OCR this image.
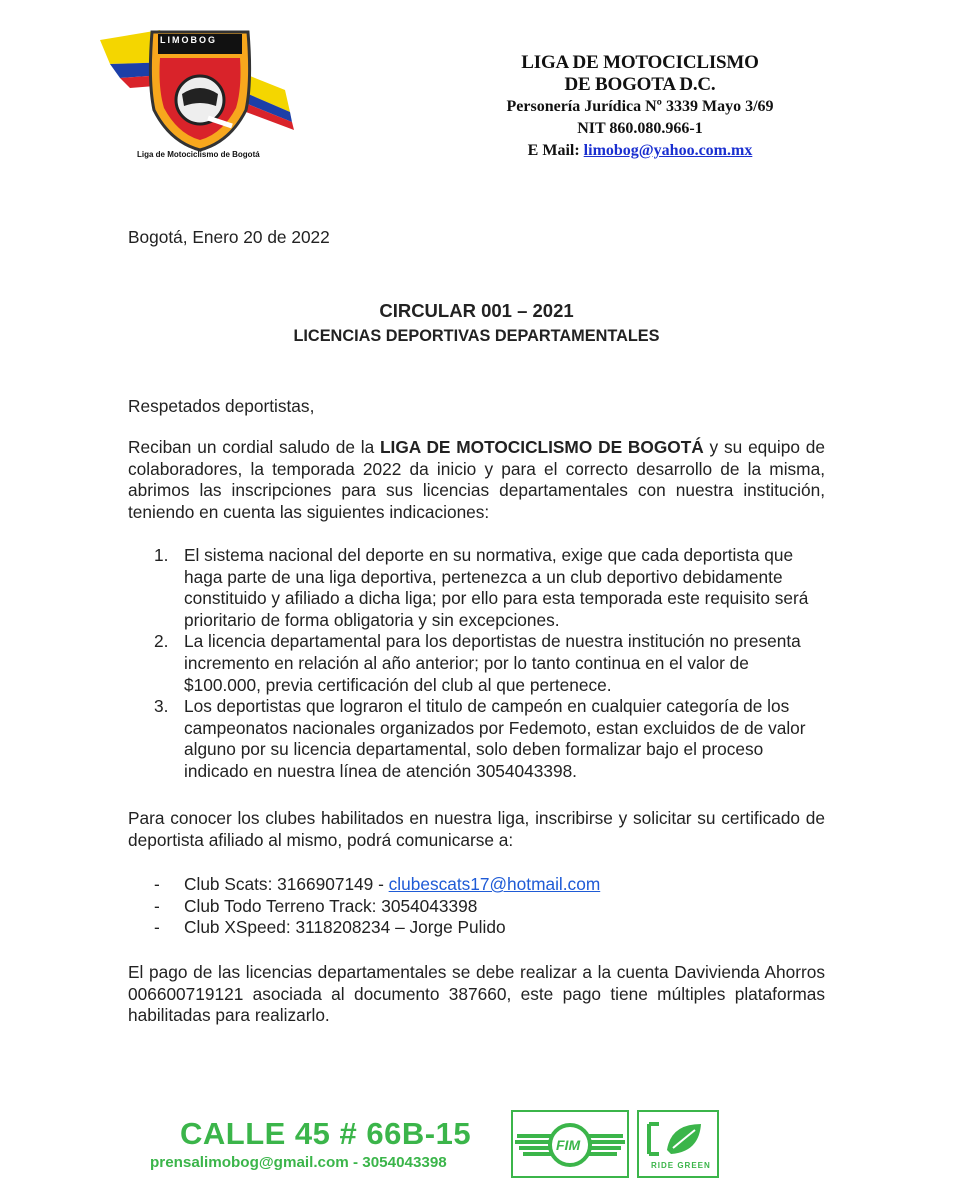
LIMOBOG
Liga de Motociclismo de Bogotá
LIGA DE MOTOCICLISMO
DE BOGOTA D.C.
Personería Jurídica Nº 3339 Mayo 3/69
NIT 860.080.966-1
E Mail: limobog@yahoo.com.mx
Bogotá, Enero 20 de 2022
CIRCULAR 001 – 2021
LICENCIAS DEPORTIVAS DEPARTAMENTALES
Respetados deportistas,
Reciban un cordial saludo de la LIGA DE MOTOCICLISMO DE BOGOTÁ y su equipo de colaboradores, la temporada 2022 da inicio y para el correcto desarrollo de la misma, abrimos las inscripciones para sus licencias departamentales con nuestra institución, teniendo en cuenta las siguientes indicaciones:
1. El sistema nacional del deporte en su normativa, exige que cada deportista que haga parte de una liga deportiva, pertenezca a un club deportivo debidamente constituido y afiliado a dicha liga; por ello para esta temporada este requisito será prioritario de forma obligatoria y sin excepciones.
2. La licencia departamental para los deportistas de nuestra institución no presenta incremento en relación al año anterior; por lo tanto continua en el valor de $100.000, previa certificación del club al que pertenece.
3. Los deportistas que lograron el titulo de campeón en cualquier categoría de los campeonatos nacionales organizados por Fedemoto, estan excluidos de de valor alguno por su licencia departamental, solo deben formalizar bajo el proceso indicado en nuestra línea de atención 3054043398.
Para conocer los clubes habilitados en nuestra liga, inscribirse y solicitar su certificado de deportista afiliado al mismo, podrá comunicarse a:
- Club Scats: 3166907149 - clubescats17@hotmail.com
- Club Todo Terreno Track: 3054043398
- Club XSpeed: 3118208234 – Jorge Pulido
El pago de las licencias departamentales se debe realizar a la cuenta Davivienda Ahorros 006600719121 asociada al documento 387660, este pago tiene múltiples plataformas habilitadas para realizarlo.
CALLE 45 # 66B-15
prensalimobog@gmail.com - 3054043398
FIM
RIDE GREEN
